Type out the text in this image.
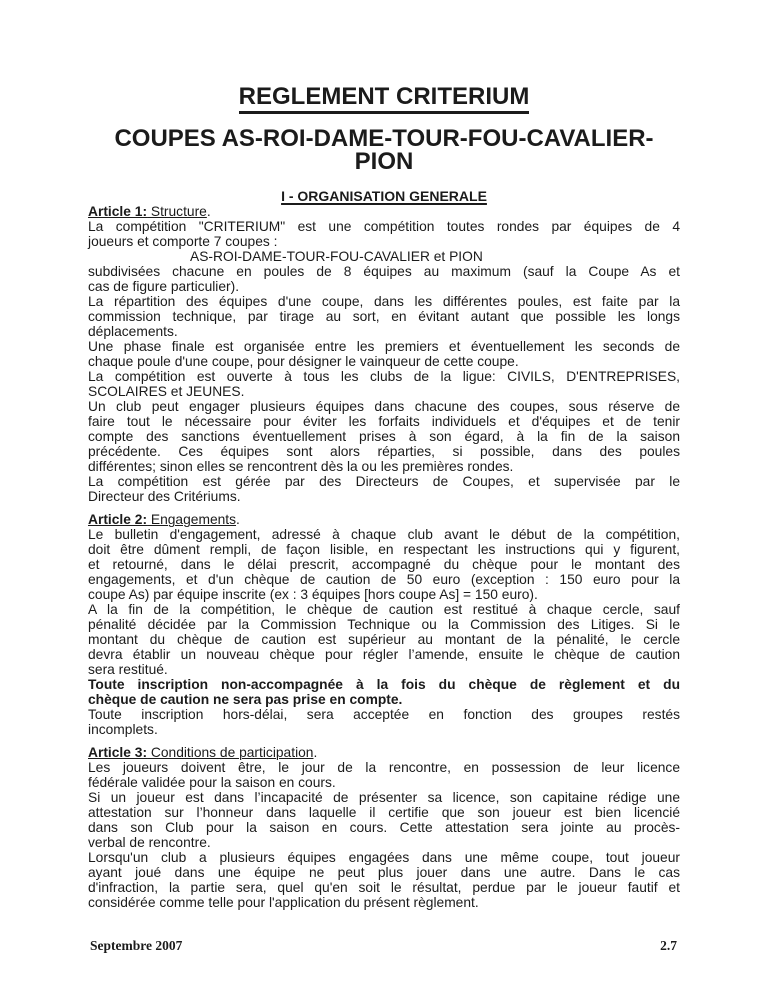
REGLEMENT CRITERIUM
COUPES AS-ROI-DAME-TOUR-FOU-CAVALIER-
PION
I - ORGANISATION GENERALE

Article 1: Structure.

La compétition "CRITERIUM" est une compétition toutes rondes par équipes de 4
joueurs et comporte 7 coupes :
AS-ROI-DAME-TOUR-FOU-CAVALIER et PION
subdivisées chacune en poules de 8 équipes au maximum (sauf la Coupe As et
cas de figure particulier).
La répartition des équipes d'une coupe, dans les différentes poules, est faite par la
commission technique, par tirage au sort, en évitant autant que possible les longs
déplacements.
Une phase finale est organisée entre les premiers et éventuellement les seconds de
chaque poule d'une coupe, pour désigner le vainqueur de cette coupe.
La compétition est ouverte à tous les clubs de la ligue: CIVILS, D'ENTREPRISES,
SCOLAIRES et JEUNES.
Un club peut engager plusieurs équipes dans chacune des coupes, sous réserve de
faire tout le nécessaire pour éviter les forfaits individuels et d'équipes et de tenir
compte des sanctions éventuellement prises à son égard, à la fin de la saison
précédente. Ces équipes sont alors réparties, si possible, dans des poules
différentes; sinon elles se rencontrent dès la ou les premières rondes.
La compétition est gérée par des Directeurs de Coupes, et supervisée par le
Directeur des Critériums.

Article 2: Engagements.

Le bulletin d'engagement, adressé à chaque club avant le début de la compétition,
doit être dûment rempli, de façon lisible, en respectant les instructions qui y figurent,
et retourné, dans le délai prescrit, accompagné du chèque pour le montant des
engagements, et d'un chèque de caution de 50 euro (exception : 150 euro pour la
coupe As) par équipe inscrite (ex : 3 équipes [hors coupe As] = 150 euro).
A la fin de la compétition, le chèque de caution est restitué à chaque cercle, sauf
pénalité décidée par la Commission Technique ou la Commission des Litiges. Si le
montant du chèque de caution est supérieur au montant de la pénalité, le cercle
devra établir un nouveau chèque pour régler l’amende, ensuite le chèque de caution
sera restitué.
Toute inscription non-accompagnée à la fois du chèque de règlement et du
chèque de caution ne sera pas prise en compte.
Toute inscription hors-délai, sera acceptée en fonction des groupes restés
incomplets.

Article 3: Conditions de participation.

Les joueurs doivent être, le jour de la rencontre, en possession de leur licence
fédérale validée pour la saison en cours.
Si un joueur est dans l’incapacité de présenter sa licence, son capitaine rédige une
attestation sur l’honneur dans laquelle il certifie que son joueur est bien licencié
dans son Club pour la saison en cours. Cette attestation sera jointe au procès-
verbal de rencontre.
Lorsqu'un club a plusieurs équipes engagées dans une même coupe, tout joueur
ayant joué dans une équipe ne peut plus jouer dans une autre. Dans le cas
d'infraction, la partie sera, quel qu'en soit le résultat, perdue par le joueur fautif et
considérée comme telle pour l'application du présent règlement.
Septembre 2007	2.7
